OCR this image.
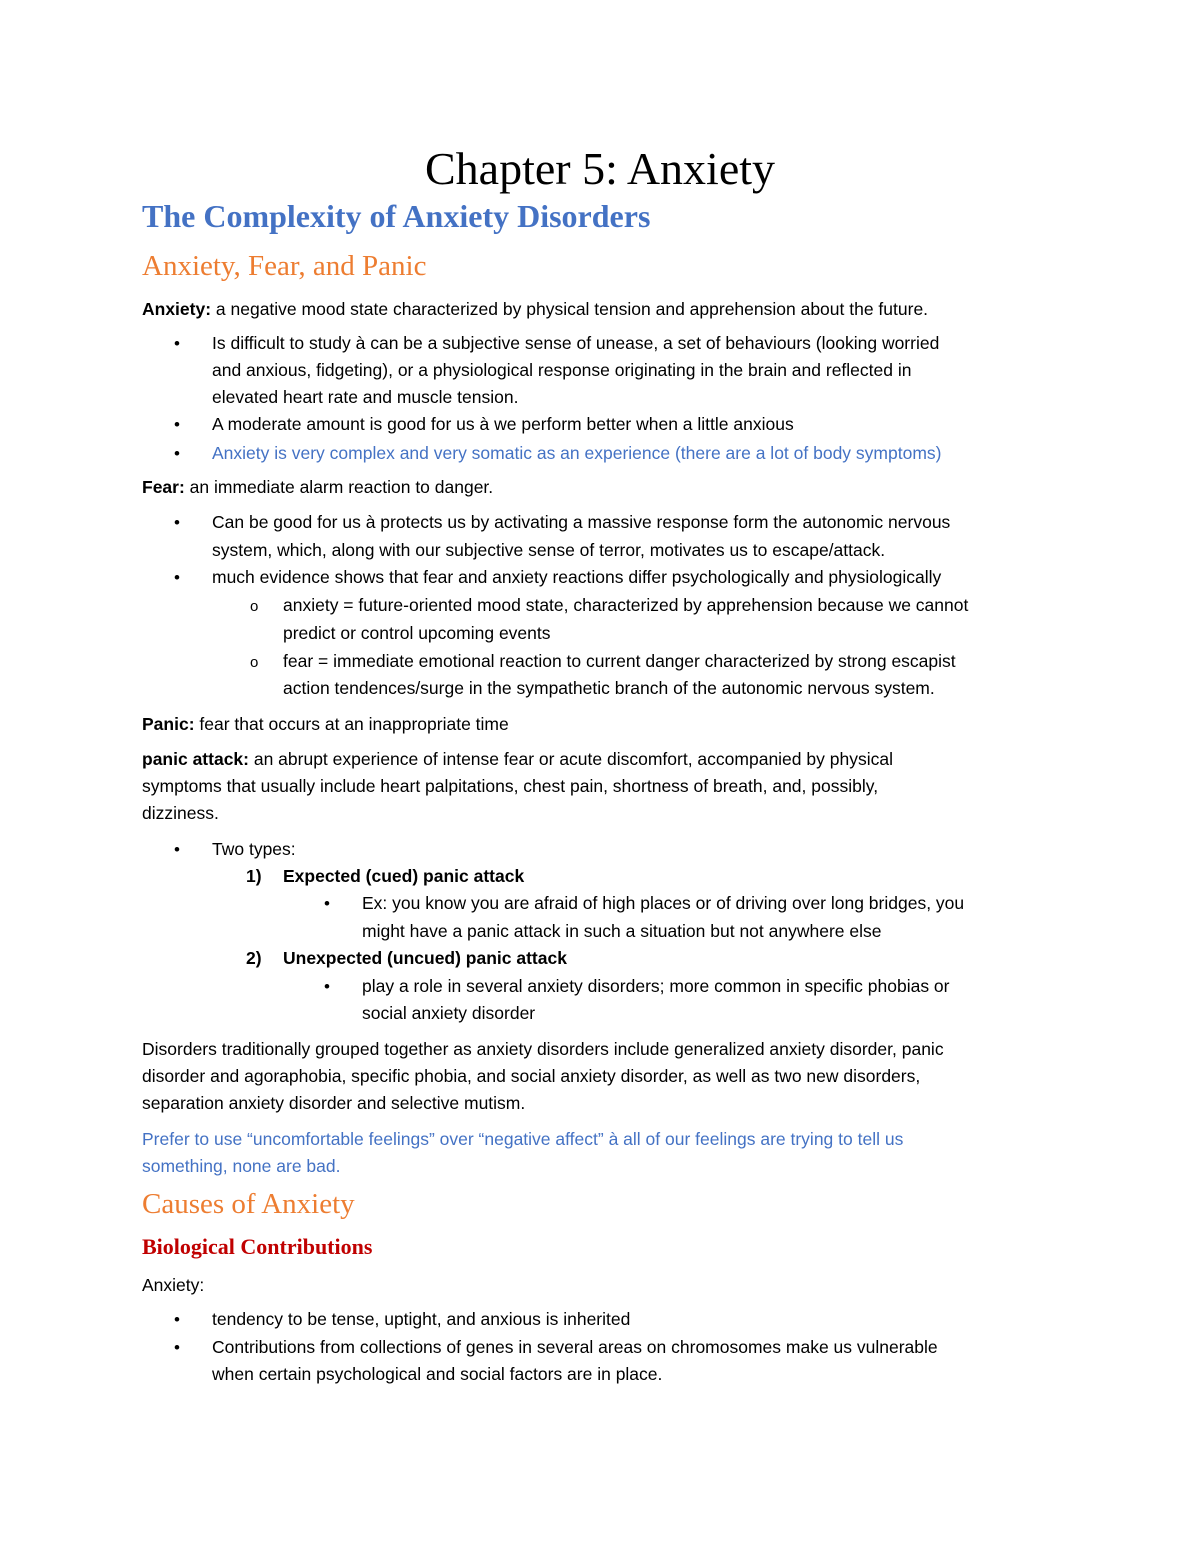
Chapter 5: Anxiety
The Complexity of Anxiety Disorders
Anxiety, Fear, and Panic
Anxiety: a negative mood state characterized by physical tension and apprehension about the future.
• Is difficult to study à can be a subjective sense of unease, a set of behaviours (looking worried
and anxious, fidgeting), or a physiological response originating in the brain and reflected in
elevated heart rate and muscle tension.
• A moderate amount is good for us à we perform better when a little anxious
• Anxiety is very complex and very somatic as an experience (there are a lot of body symptoms)
Fear: an immediate alarm reaction to danger.
• Can be good for us à protects us by activating a massive response form the autonomic nervous
system, which, along with our subjective sense of terror, motivates us to escape/attack.
• much evidence shows that fear and anxiety reactions differ psychologically and physiologically
o anxiety = future-oriented mood state, characterized by apprehension because we cannot
predict or control upcoming events
o fear = immediate emotional reaction to current danger characterized by strong escapist
action tendences/surge in the sympathetic branch of the autonomic nervous system.
Panic: fear that occurs at an inappropriate time
panic attack: an abrupt experience of intense fear or acute discomfort, accompanied by physical
symptoms that usually include heart palpitations, chest pain, shortness of breath, and, possibly,
dizziness.
• Two types:
1) Expected (cued) panic attack
• Ex: you know you are afraid of high places or of driving over long bridges, you
might have a panic attack in such a situation but not anywhere else
2) Unexpected (uncued) panic attack
• play a role in several anxiety disorders; more common in specific phobias or
social anxiety disorder
Disorders traditionally grouped together as anxiety disorders include generalized anxiety disorder, panic
disorder and agoraphobia, specific phobia, and social anxiety disorder, as well as two new disorders,
separation anxiety disorder and selective mutism.
Prefer to use “uncomfortable feelings” over “negative affect” à all of our feelings are trying to tell us
something, none are bad.
Causes of Anxiety
Biological Contributions
Anxiety:
• tendency to be tense, uptight, and anxious is inherited
• Contributions from collections of genes in several areas on chromosomes make us vulnerable
when certain psychological and social factors are in place.
